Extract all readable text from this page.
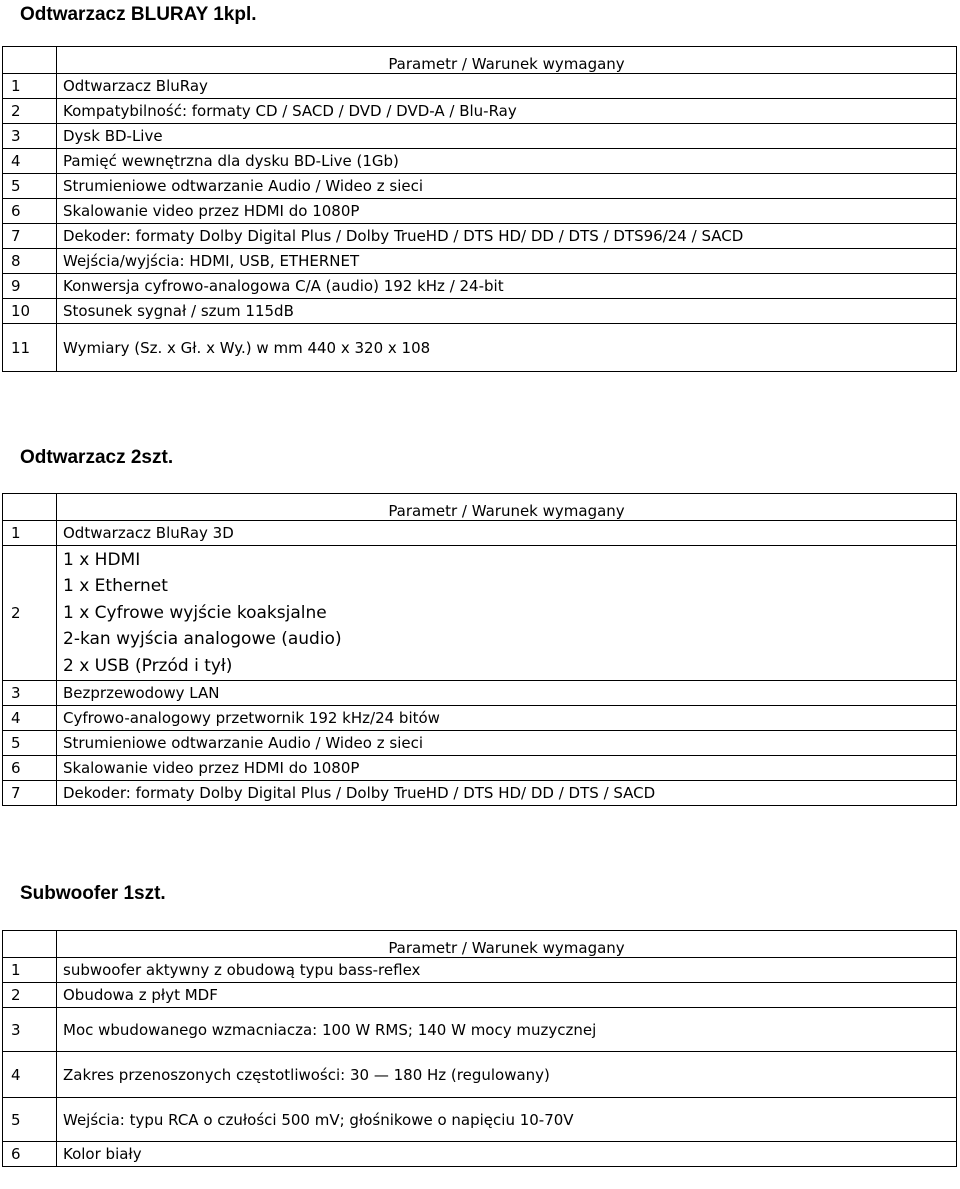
Odtwarzacz BLURAY 1kpl.
	Parametr / Warunek wymagany
1	Odtwarzacz BluRay
2	Kompatybilność: formaty CD / SACD / DVD / DVD-A / Blu-Ray
3	Dysk BD-Live
4	Pamięć wewnętrzna dla dysku BD-Live (1Gb)
5	Strumieniowe odtwarzanie Audio / Wideo z sieci
6	Skalowanie video przez HDMI do 1080P
7	Dekoder: formaty Dolby Digital Plus / Dolby TrueHD / DTS HD/ DD / DTS / DTS96/24 / SACD
8	Wejścia/wyjścia: HDMI, USB, ETHERNET
9	Konwersja cyfrowo-analogowa C/A (audio) 192 kHz / 24-bit
10	Stosunek sygnał / szum 115dB
11	Wymiary (Sz. x Gł. x Wy.) w mm 440 x 320 x 108
Odtwarzacz 2szt.
	Parametr / Warunek wymagany
1	Odtwarzacz BluRay 3D
2	1 x HDMI
1 x Ethernet
1 x Cyfrowe wyjście koaksjalne
2-kan wyjścia analogowe (audio)
2 x USB (Przód i tył)

3	Bezprzewodowy LAN
4	Cyfrowo-analogowy przetwornik 192 kHz/24 bitów
5	Strumieniowe odtwarzanie Audio / Wideo z sieci
6	Skalowanie video przez HDMI do 1080P
7	Dekoder: formaty Dolby Digital Plus / Dolby TrueHD / DTS HD/ DD / DTS / SACD
Subwoofer 1szt.
	Parametr / Warunek wymagany
1	subwoofer aktywny z obudową typu bass-reflex
2	Obudowa z płyt MDF
3	Moc wbudowanego wzmacniacza: 100 W RMS; 140 W mocy muzycznej
4	Zakres przenoszonych częstotliwości: 30 — 180 Hz (regulowany)
5	Wejścia: typu RCA o czułości 500 mV; głośnikowe o napięciu 10-70V
6	Kolor biały
